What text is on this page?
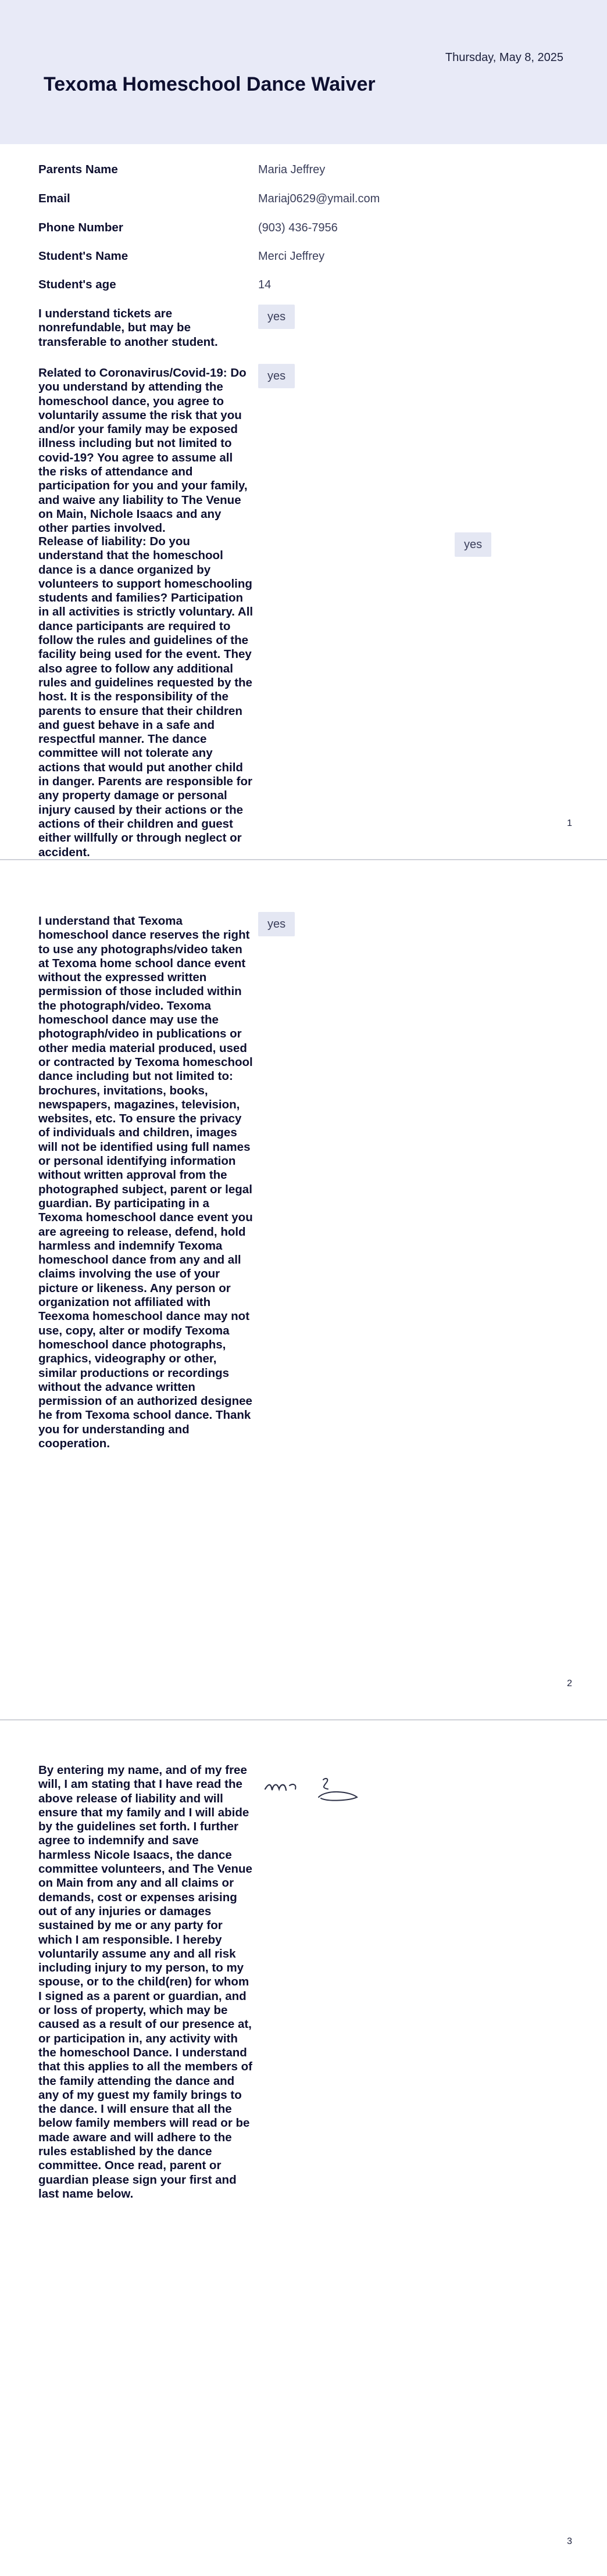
Thursday, May 8, 2025
Texoma Homeschool Dance Waiver
Parents Name	Maria Jeffrey
Email	Mariaj0629@ymail.com
Phone Number	(903) 436-7956
Student's Name	Merci Jeffrey
Student's age	14
I understand tickets are nonrefundable, but may be transferable to another student.
yes
Related to Coronavirus/Covid-19: Do you understand by attending the homeschool dance, you agree to voluntarily assume the risk that you and/or your family may be exposed illness including but not limited to covid-19? You agree to assume all the risks of attendance and participation for you and your family, and waive any liability to The Venue on Main, Nichole Isaacs and any other parties involved.
yes
Release of liability: Do you understand that the homeschool dance is a dance organized by volunteers to support homeschooling students and families? Participation in all activities is strictly voluntary. All dance participants are required to follow the rules and guidelines of the facility being used for the event. They also agree to follow any additional rules and guidelines requested by the host. It is the responsibility of the parents to ensure that their children and guest behave in a safe and respectful manner. The dance committee will not tolerate any actions that would put another child in danger. Parents are responsible for any property damage or personal injury caused by their actions or the actions of their children and guest either willfully or through neglect or accident.
yes
1
I understand that Texoma homeschool dance reserves the right to use any photographs/video taken at Texoma home school dance event without the expressed written permission of those included within the photograph/video. Texoma homeschool dance may use the photograph/video in publications or other media material produced, used or contracted by Texoma homeschool dance including but not limited to: brochures, invitations, books, newspapers, magazines, television, websites, etc. To ensure the privacy of individuals and children, images will not be identified using full names or personal identifying information without written approval from the photographed subject, parent or legal guardian. By participating in a Texoma homeschool dance event you are agreeing to release, defend, hold harmless and indemnify Texoma homeschool dance from any and all claims involving the use of your picture or likeness. Any person or organization not affiliated with Teexoma homeschool dance may not use, copy, alter or modify Texoma homeschool dance photographs, graphics, videography or other, similar productions or recordings without the advance written permission of an authorized designee he from Texoma school dance. Thank you for understanding and cooperation.
yes
2
By entering my name, and of my free will, I am stating that I have read the above release of liability and will ensure that my family and I will abide by the guidelines set forth. I further agree to indemnify and save harmless Nicole Isaacs, the dance committee volunteers, and The Venue on Main from any and all claims or demands, cost or expenses arising out of any injuries or damages sustained by me or any party for which I am responsible. I hereby voluntarily assume any and all risk including injury to my person, to my spouse, or to the child(ren) for whom I signed as a parent or guardian, and or loss of property, which may be caused as a result of our presence at, or participation in, any activity with the homeschool Dance. I understand that this applies to all the members of the family attending the dance and any of my guest my family brings to the dance. I will ensure that all the below family members will read or be made aware and will adhere to the rules established by the dance committee. Once read, parent or guardian please sign your first and last name below.
3
